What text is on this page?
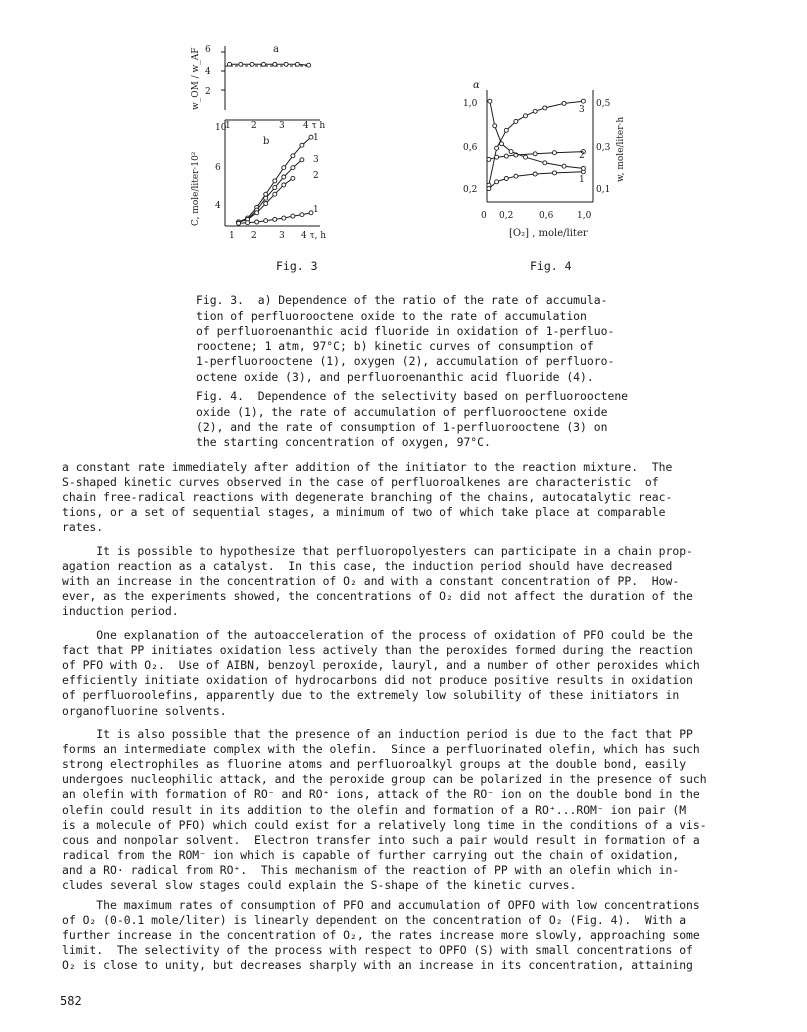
a
6
4
2
w_OM / w_AF
10
6
4
1 2 3 4 τ h
b
C, mole/liter·10²
1
3
2
1
1 2 3 4 τ, h
α
1,0
0,6
0,2
0,5
0,3
0,1
w, mole/liter·h
3
2
1
0 0,2	0,6	1,0
[O₂] , mole/liter
Fig. 3	Fig. 4

Fig. 3.  a) Dependence of the ratio of the rate of accumula-
tion of perfluorooctene oxide to the rate of accumulation
of perfluoroenanthic acid fluoride in oxidation of 1-perfluo-
rooctene; 1 atm, 97°C; b) kinetic curves of consumption of
1-perfluorooctene (1), oxygen (2), accumulation of perfluoro-
octene oxide (3), and perfluoroenanthic acid fluoride (4).

Fig. 4.  Dependence of the selectivity based on perfluorooctene
oxide (1), the rate of accumulation of perfluorooctene oxide
(2), and the rate of consumption of 1-perfluorooctene (3) on
the starting concentration of oxygen, 97°C.

a constant rate immediately after addition of the initiator to the reaction mixture.  The
S-shaped kinetic curves observed in the case of perfluoroalkenes are characteristic  of
chain free-radical reactions with degenerate branching of the chains, autocatalytic reac-
tions, or a set of sequential stages, a minimum of two of which take place at comparable
rates.

It is possible to hypothesize that perfluoropolyesters can participate in a chain prop-
agation reaction as a catalyst.  In this case, the induction period should have decreased
with an increase in the concentration of O₂ and with a constant concentration of PP.  How-
ever, as the experiments showed, the concentrations of O₂ did not affect the duration of the
induction period.

One explanation of the autoacceleration of the process of oxidation of PFO could be the
fact that PP initiates oxidation less actively than the peroxides formed during the reaction
of PFO with O₂.  Use of AIBN, benzoyl peroxide, lauryl, and a number of other peroxides which
efficiently initiate oxidation of hydrocarbons did not produce positive results in oxidation
of perfluoroolefins, apparently due to the extremely low solubility of these initiators in
organofluorine solvents.

It is also possible that the presence of an induction period is due to the fact that PP
forms an intermediate complex with the olefin.  Since a perfluorinated olefin, which has such
strong electrophiles as fluorine atoms and perfluoroalkyl groups at the double bond, easily
undergoes nucleophilic attack, and the peroxide group can be polarized in the presence of such
an olefin with formation of RO⁻ and RO⁺ ions, attack of the RO⁻ ion on the double bond in the
olefin could result in its addition to the olefin and formation of a RO⁺...ROM⁻ ion pair (M
is a molecule of PFO) which could exist for a relatively long time in the conditions of a vis-
cous and nonpolar solvent.  Electron transfer into such a pair would result in formation of a
radical from the ROM⁻ ion which is capable of further carrying out the chain of oxidation,
and a RO· radical from RO⁺.  This mechanism of the reaction of PP with an olefin which in-
cludes several slow stages could explain the S-shape of the kinetic curves.

The maximum rates of consumption of PFO and accumulation of OPFO with low concentrations
of O₂ (0-0.1 mole/liter) is linearly dependent on the concentration of O₂ (Fig. 4).  With a
further increase in the concentration of O₂, the rates increase more slowly, approaching some
limit.  The selectivity of the process with respect to OPFO (S) with small concentrations of
O₂ is close to unity, but decreases sharply with an increase in its concentration, attaining

582
